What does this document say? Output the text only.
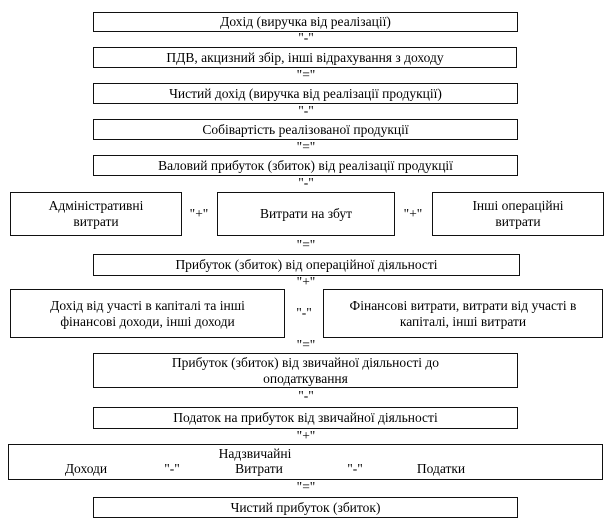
Дохід (виручка від реалізації)
"-"
ПДВ, акцизний збір, інші відрахування з доходу
"="
Чистий дохід (виручка від реалізації продукції)
"-"
Собівартість реалізованої продукції
"="
Валовий прибуток (збиток) від реалізації продукції
"-"
Адміністративні витрати
"+"	Витрати на збут	"+"
Інші операційні витрати
"="
Прибуток (збиток) від операційної діяльності
"+"
Дохід від участі в капіталі та інші фінансові доходи, інші доходи
"-"	Фінансові витрати, витрати від участі в капіталі, інші витрати
"="
Прибуток (збиток) від звичайної діяльності до оподаткування
"-"
Податок на прибуток від звичайної діяльності
"+"
Надзвичайні
Доходи	"-"	Витрати	"-"	Податки
"="
Чистий прибуток (збиток)
